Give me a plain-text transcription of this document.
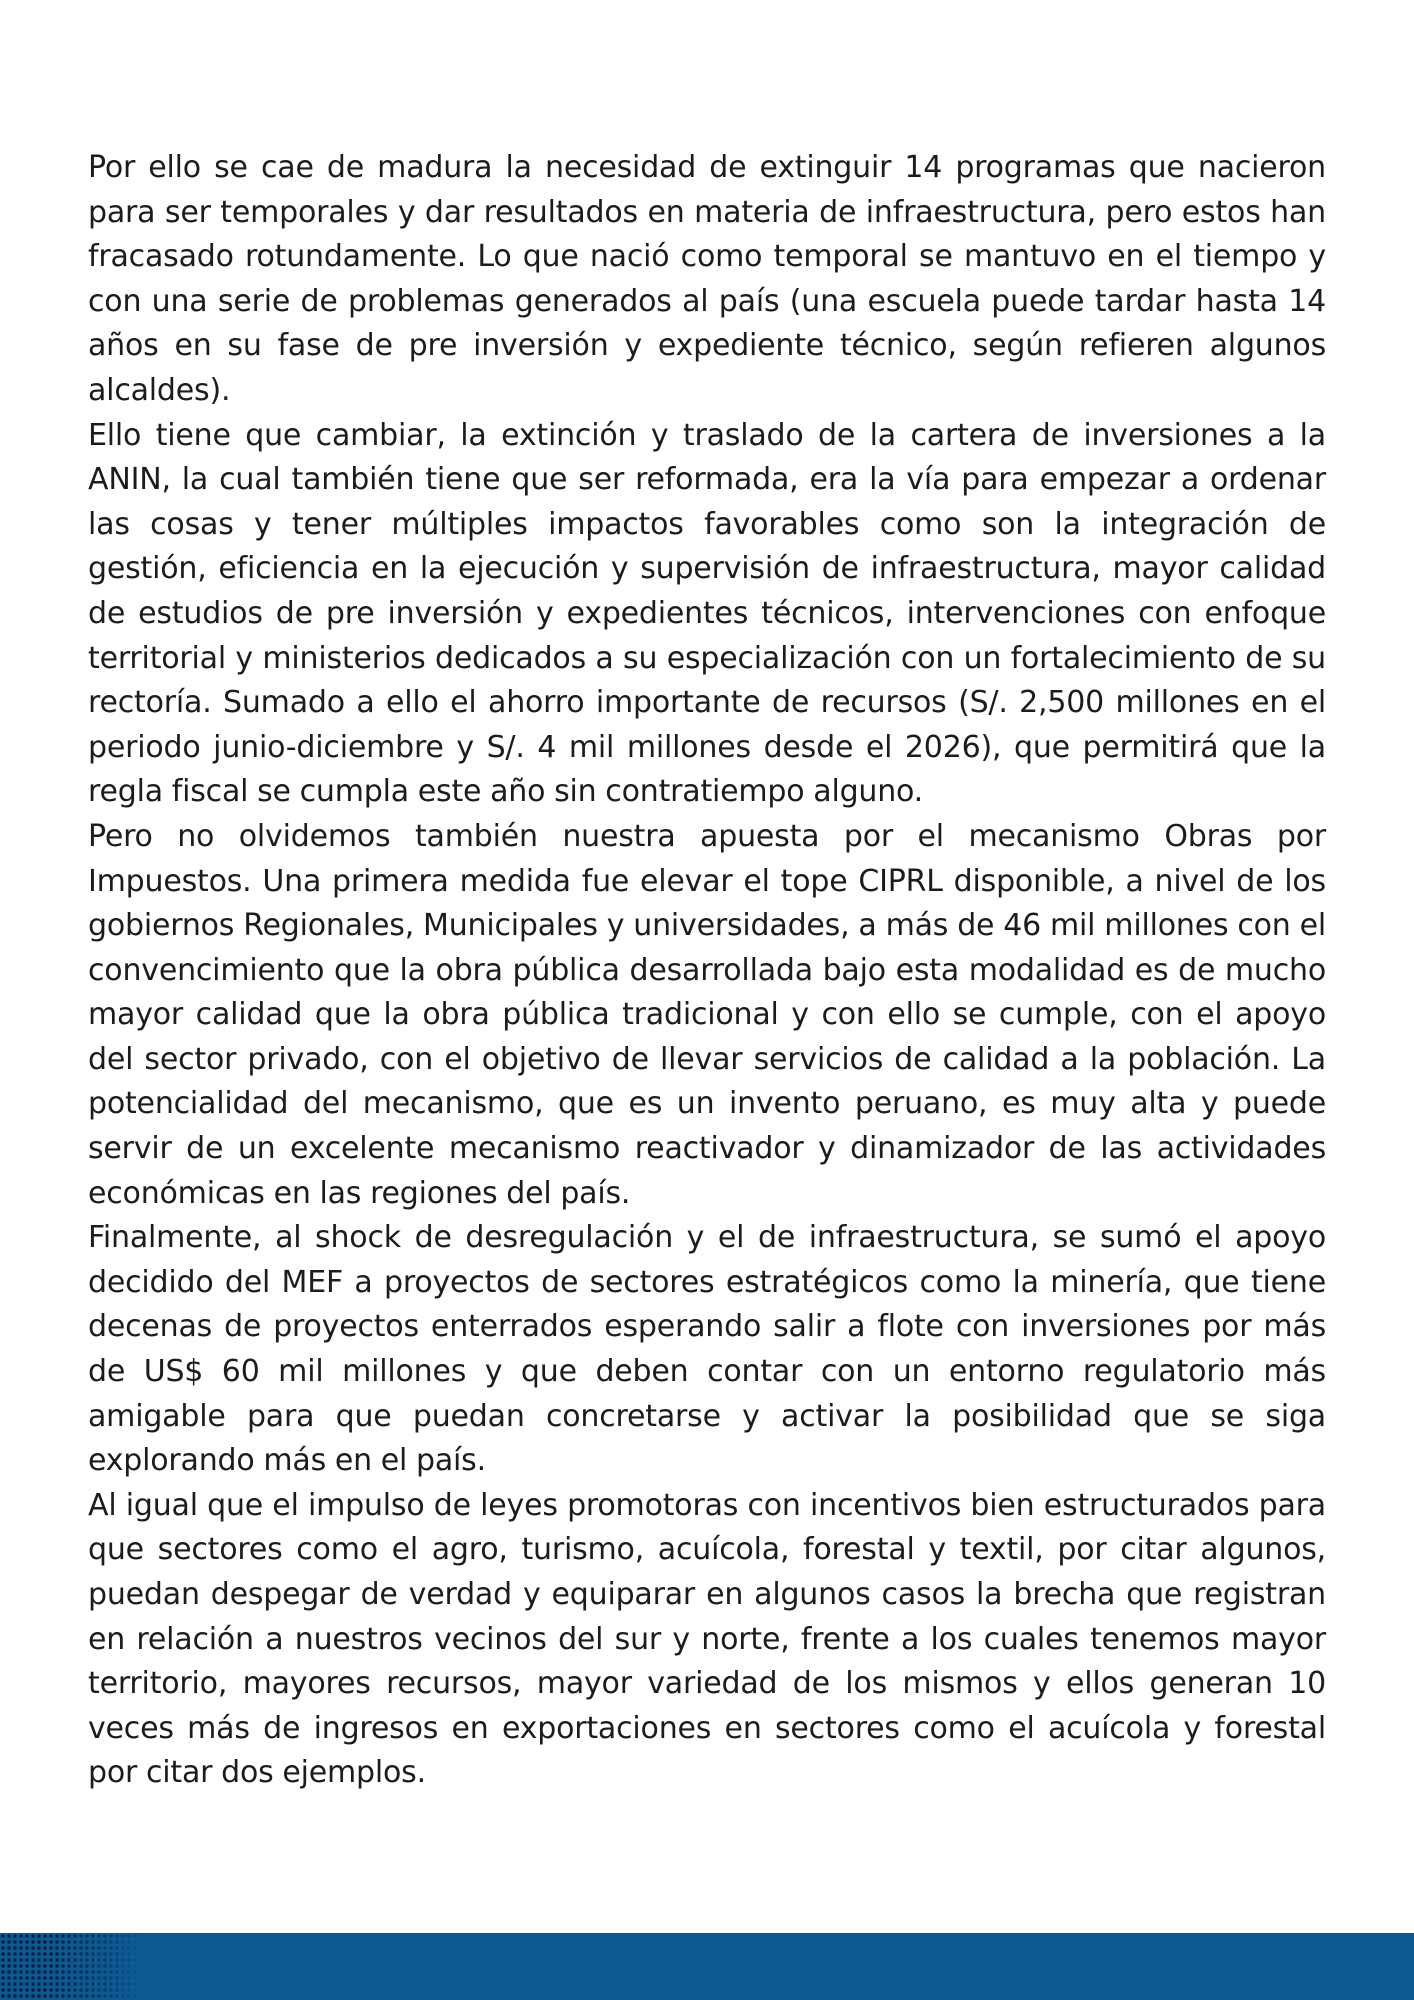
Por ello se cae de madura la necesidad de extinguir 14 programas que nacieron para ser temporales y dar resultados en materia de infraestructura, pero estos han fracasado rotundamente. Lo que nació como temporal se mantuvo en el tiempo y con una serie de problemas generados al país (una escuela puede tardar hasta 14 años en su fase de pre inversión y expediente técnico, según refieren algunos alcaldes).

Ello tiene que cambiar, la extinción y traslado de la cartera de inversiones a la ANIN, la cual también tiene que ser reformada, era la vía para empezar a ordenar las cosas y tener múltiples impactos favorables como son la integración de gestión, eficiencia en la ejecución y supervisión de infraestructura, mayor calidad de estudios de pre inversión y expedientes técnicos, intervenciones con enfoque territorial y ministerios dedicados a su especialización con un fortalecimiento de su rectoría. Sumado a ello el ahorro importante de recursos (S/. 2,500 millones en el periodo junio-diciembre y S/. 4 mil millones desde el 2026), que permitirá que la regla fiscal se cumpla este año sin contratiempo alguno.

Pero no olvidemos también nuestra apuesta por el mecanismo Obras por Impuestos. Una primera medida fue elevar el tope CIPRL disponible, a nivel de los gobiernos Regionales, Municipales y universidades, a más de 46 mil millones con el convencimiento que la obra pública desarrollada bajo esta modalidad es de mucho mayor calidad que la obra pública tradicional y con ello se cumple, con el apoyo del sector privado, con el objetivo de llevar servicios de calidad a la población. La potencialidad del mecanismo, que es un invento peruano, es muy alta y puede servir de un excelente mecanismo reactivador y dinamizador de las actividades económicas en las regiones del país.

Finalmente, al shock de desregulación y el de infraestructura, se sumó el apoyo decidido del MEF a proyectos de sectores estratégicos como la minería, que tiene decenas de proyectos enterrados esperando salir a flote con inversiones por más de US$ 60 mil millones y que deben contar con un entorno regulatorio más amigable para que puedan concretarse y activar la posibilidad que se siga explorando más en el país.

Al igual que el impulso de leyes promotoras con incentivos bien estructurados para que sectores como el agro, turismo, acuícola, forestal y textil, por citar algunos, puedan despegar de verdad y equiparar en algunos casos la brecha que registran en relación a nuestros vecinos del sur y norte, frente a los cuales tenemos mayor territorio, mayores recursos, mayor variedad de los mismos y ellos generan 10 veces más de ingresos en exportaciones en sectores como el acuícola y forestal por citar dos ejemplos.
